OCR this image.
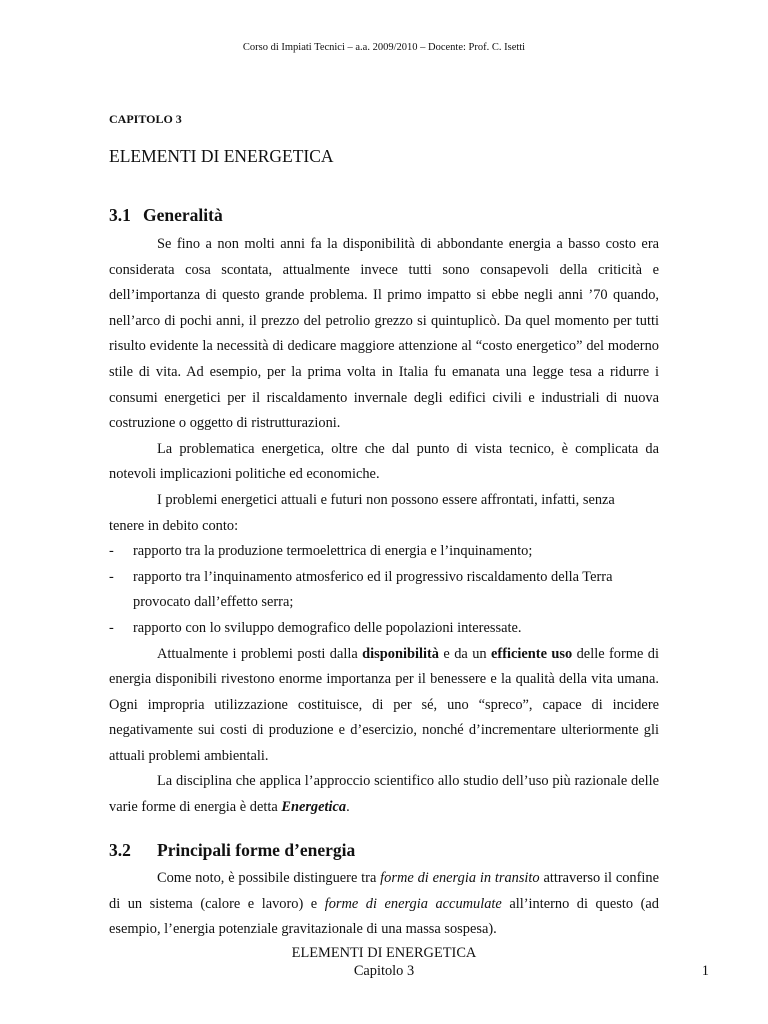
Corso di Impiati Tecnici – a.a. 2009/2010 – Docente: Prof. C. Isetti
CAPITOLO 3
ELEMENTI DI ENERGETICA
3.1 Generalità

Se fino a non molti anni fa la disponibilità di abbondante energia a basso costo era considerata cosa scontata, attualmente invece tutti sono consapevoli della criticità e dell’importanza di questo grande problema. Il primo impatto si ebbe negli anni ’70 quando, nell’arco di pochi anni, il prezzo del petrolio grezzo si quintuplicò. Da quel momento per tutti risulto evidente la necessità di dedicare maggiore attenzione al “costo energetico” del moderno stile di vita. Ad esempio, per la prima volta in Italia fu emanata una legge tesa a ridurre i consumi energetici per il riscaldamento invernale degli edifici civili e industriali di nuova costruzione o oggetto di ristrutturazioni.

La problematica energetica, oltre che dal punto di vista tecnico, è complicata da notevoli implicazioni politiche ed economiche.

I problemi energetici attuali e futuri non possono essere affrontati, infatti, senza

tenere in debito conto:
- rapporto tra la produzione termoelettrica di energia e l’inquinamento;
- rapporto tra l’inquinamento atmosferico ed il progressivo riscaldamento della Terra provocato dall’effetto serra;
- rapporto con lo sviluppo demografico delle popolazioni interessate.

Attualmente i problemi posti dalla disponibilità e da un efficiente uso delle forme di energia disponibili rivestono enorme importanza per il benessere e la qualità della vita umana. Ogni impropria utilizzazione costituisce, di per sé, uno “spreco”, capace di incidere negativamente sui costi di produzione e d’esercizio, nonché d’incrementare ulteriormente gli attuali problemi ambientali.

La disciplina che applica l’approccio scientifico allo studio dell’uso più razionale delle varie forme di energia è detta Energetica.

3.2 Principali forme d’energia

Come noto, è possibile distinguere tra forme di energia in transito attraverso il confine di un sistema (calore e lavoro) e forme di energia accumulate all’interno di questo (ad esempio, l’energia potenziale gravitazionale di una massa sospesa).

ELEMENTI DI ENERGETICA
Capitolo 3	1
